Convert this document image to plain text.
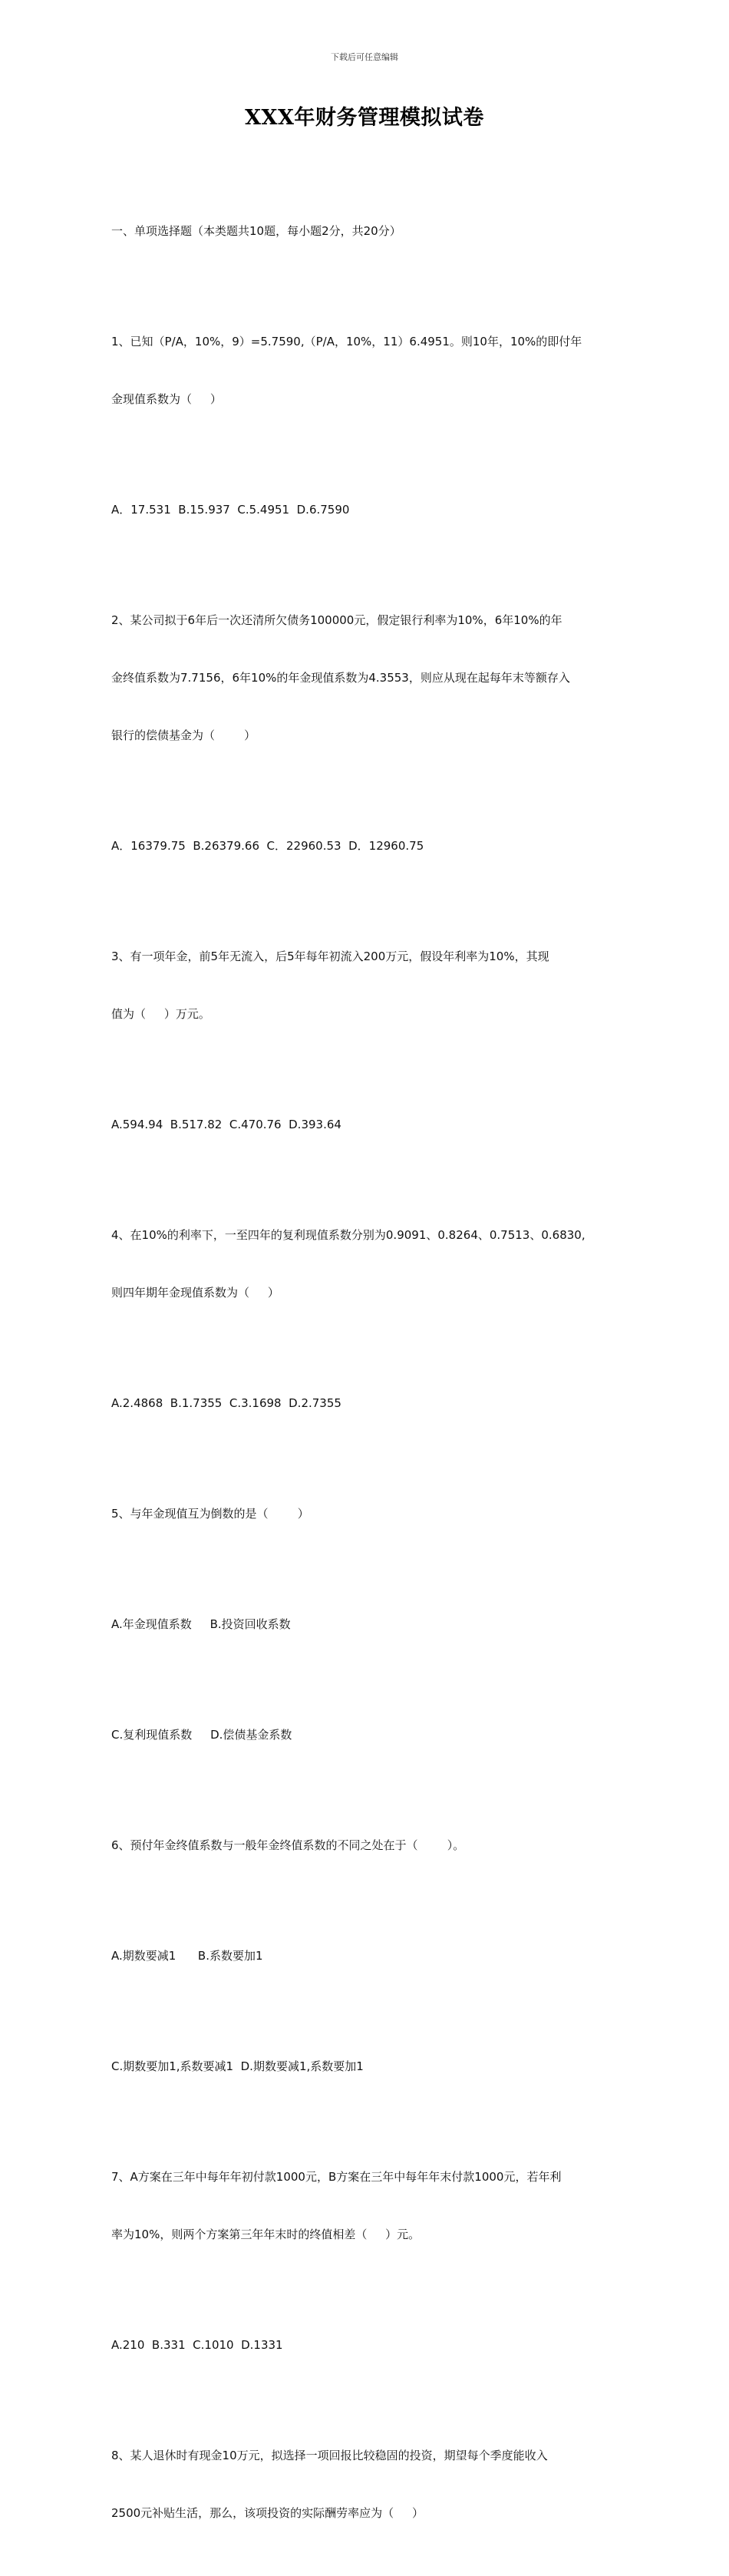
下载后可任意编辑
XXX年财务管理模拟试卷

一、单项选择题（本类题共10题，每小题2分，共20分）

1、已知（P/A，10%，9）=5.7590,（P/A，10%，11）6.4951。则10年，10%的即付年

金现值系数为（     ）

A．17.531  B.15.937  C.5.4951  D.6.7590

2、某公司拟于6年后一次还清所欠债务100000元，假定银行利率为10%，6年10%的年

金终值系数为7.7156，6年10%的年金现值系数为4.3553，则应从现在起每年末等额存入

银行的偿债基金为（        ）

A．16379.75  B.26379.66  C．22960.53  D．12960.75

3、有一项年金，前5年无流入，后5年每年初流入200万元，假设年利率为10%，其现

值为（     ）万元。

A.594.94  B.517.82  C.470.76  D.393.64

4、在10%的利率下，一至四年的复利现值系数分别为0.9091、0.8264、0.7513、0.6830,

则四年期年金现值系数为（     ）

A.2.4868  B.1.7355  C.3.1698  D.2.7355

5、与年金现值互为倒数的是（        ）

A.年金现值系数     B.投资回收系数

C.复利现值系数     D.偿债基金系数

6、预付年金终值系数与一般年金终值系数的不同之处在于（        ）。

A.期数要减1      B.系数要加1

C.期数要加1,系数要减1  D.期数要减1,系数要加1

7、A方案在三年中每年年初付款1000元，B方案在三年中每年年末付款1000元，若年利

率为10%，则两个方案第三年年末时的终值相差（     ）元。

A.210  B.331  C.1010  D.1331

8、某人退休时有现金10万元，拟选择一项回报比较稳固的投资，期望每个季度能收入

2500元补贴生活，那么，该项投资的实际酬劳率应为（     ）
